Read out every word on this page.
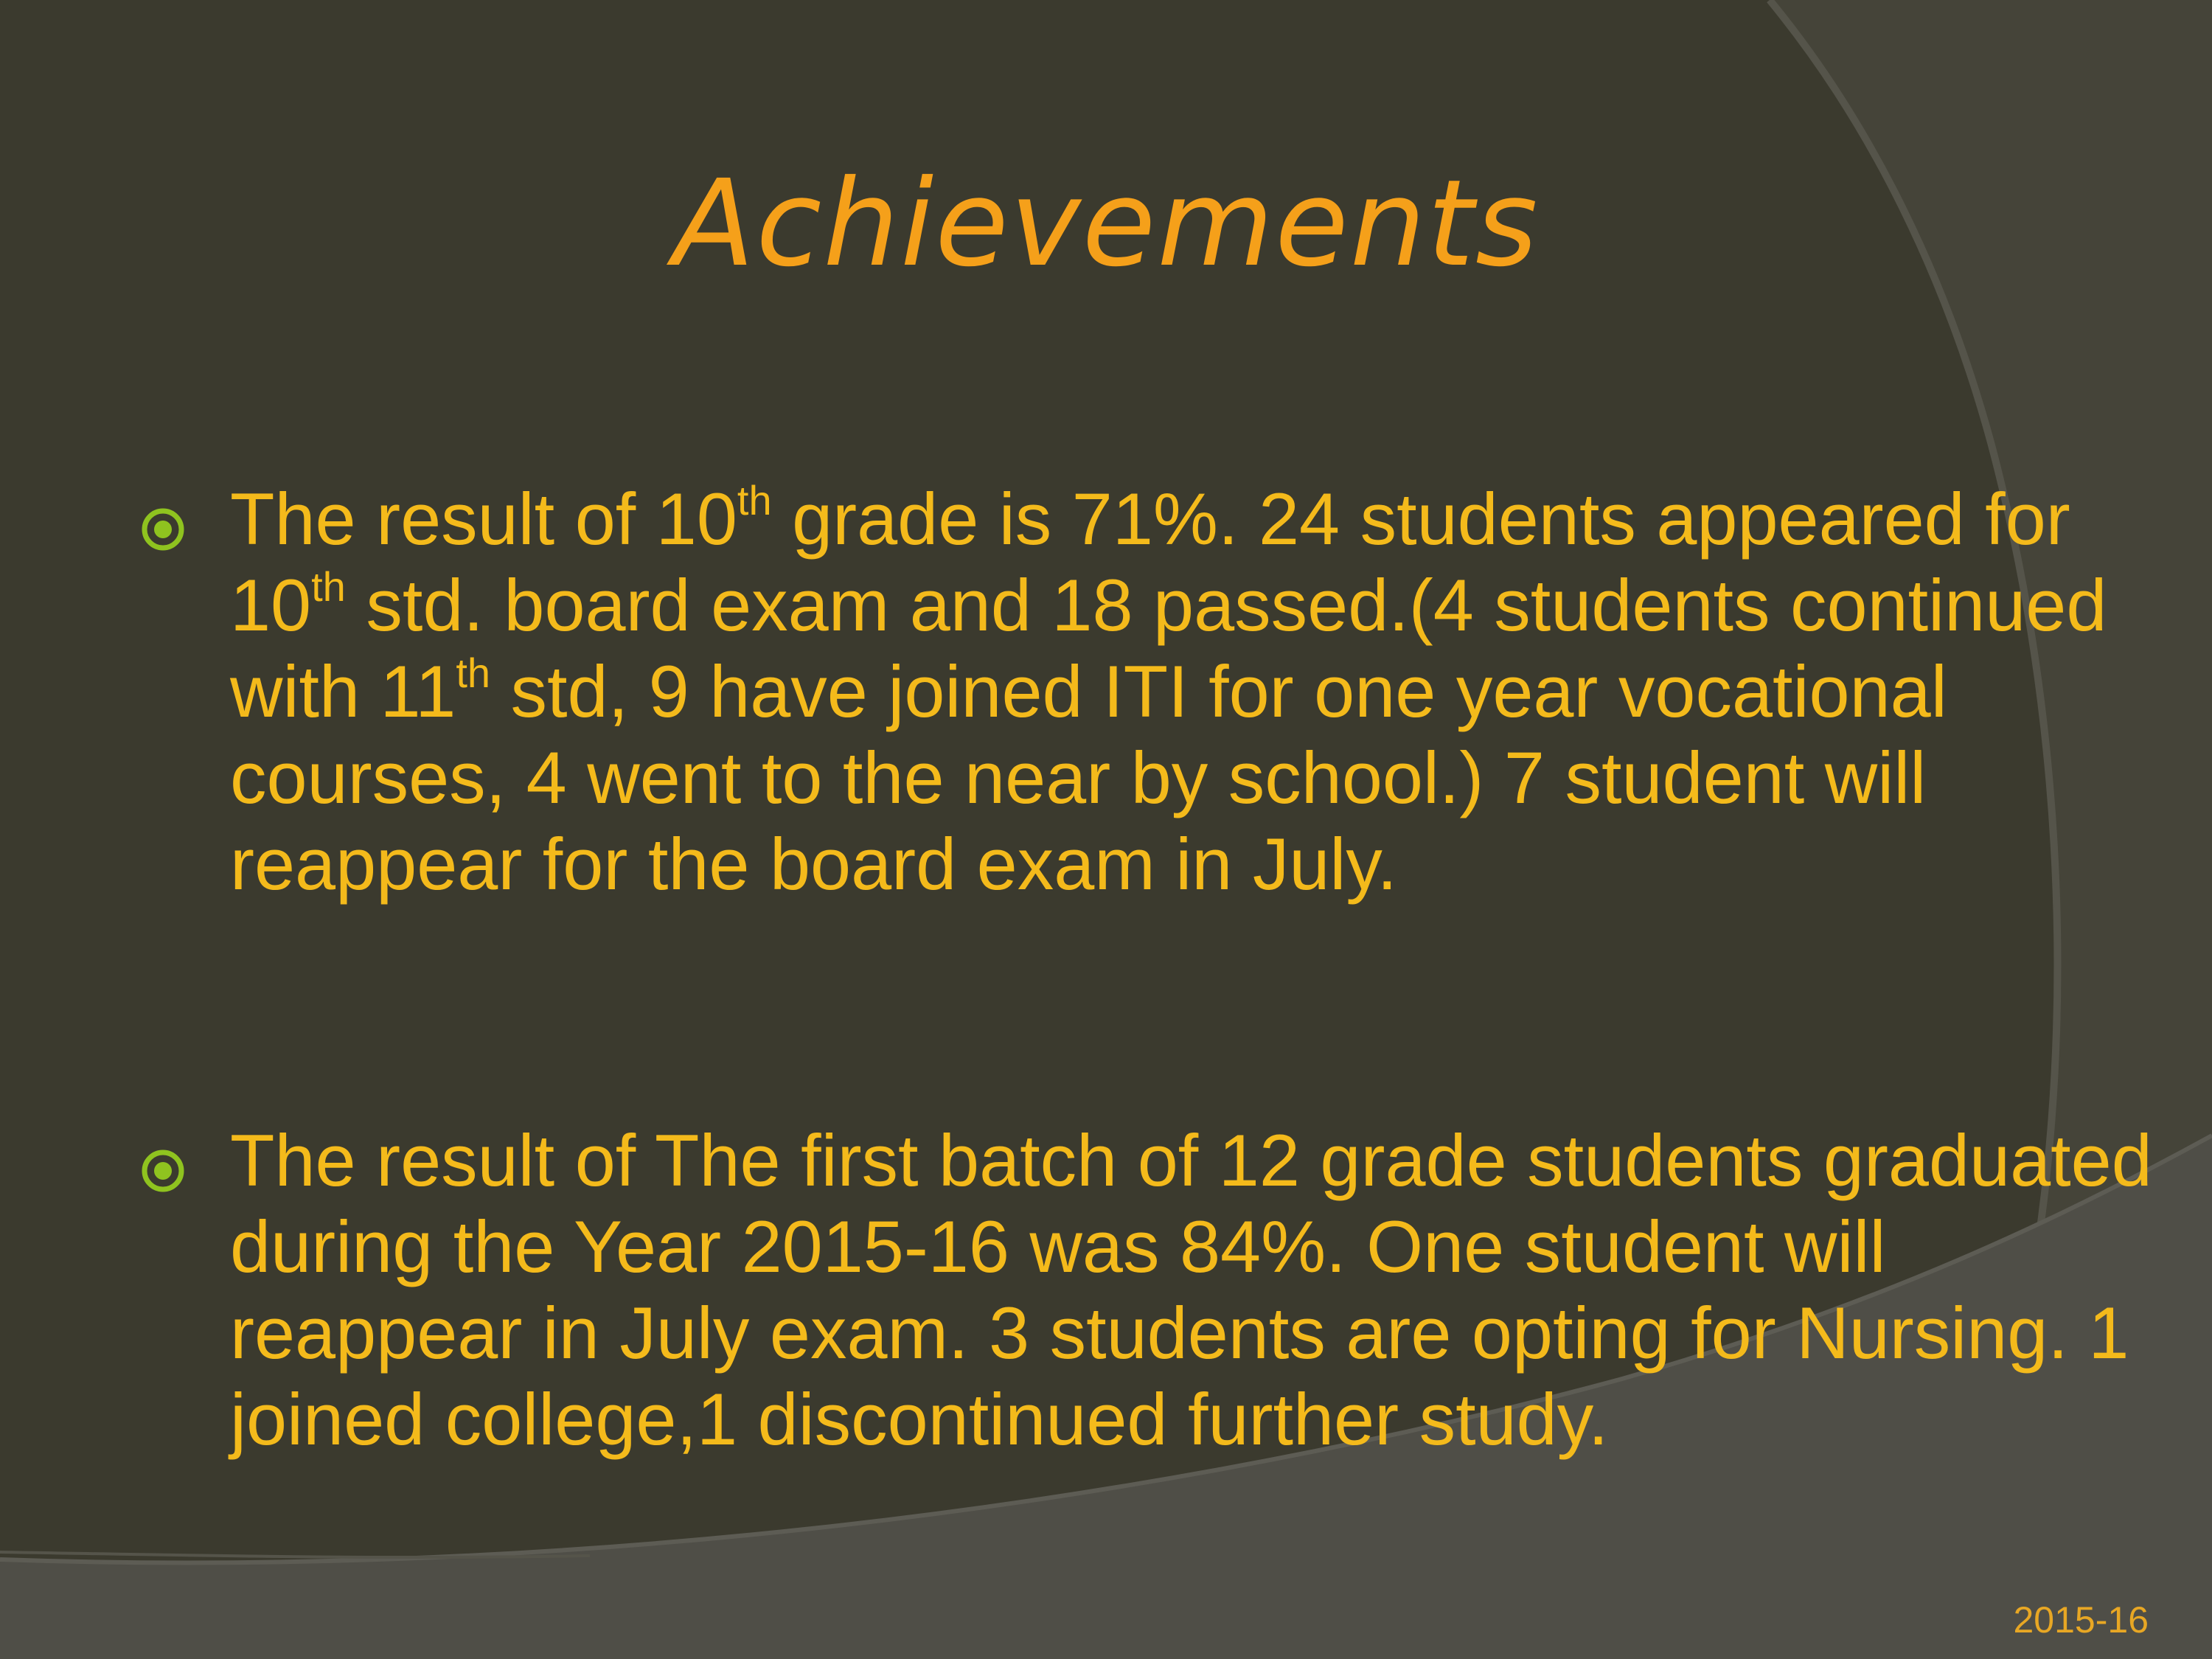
Achievements

The result of 10th grade is 71%. 24 students appeared for 10th std. board exam and 18 passed.(4 students continued with 11th std, 9 have joined ITI for one year vocational courses, 4 went to the near by school.) 7 student will reappear for the board exam in July.

The result of The first batch of 12 grade students graduated during the Year 2015-16 was 84%. One student will reappear in July exam. 3 students are opting for Nursing. 1 joined college,1 discontinued further study.

2015-16
